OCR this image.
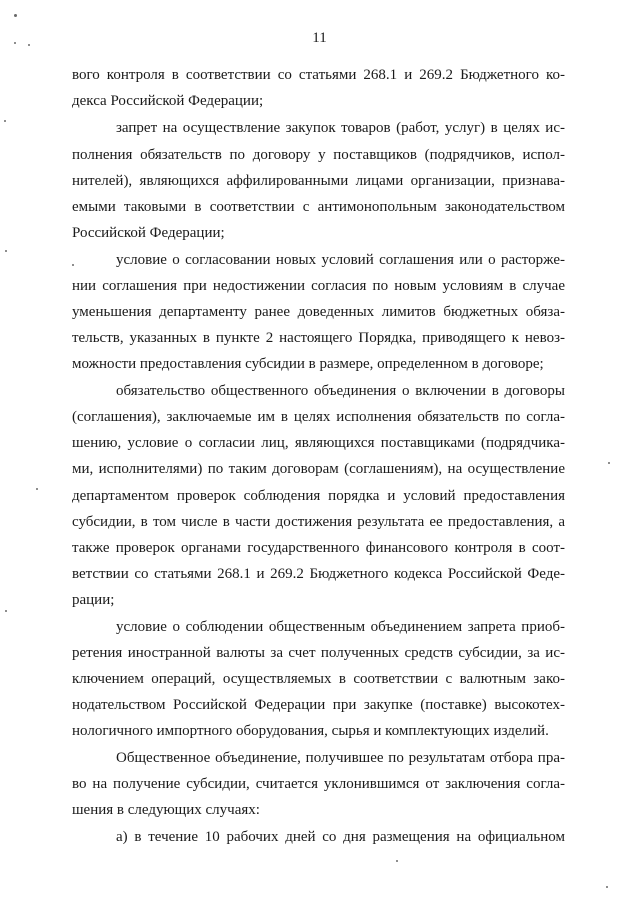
11
вого контроля в соответствии со статьями 268.1 и 269.2 Бюджетного ко-
декса Российской Федерации;
запрет на осуществление закупок товаров (работ, услуг) в целях ис-
полнения обязательств по договору у поставщиков (подрядчиков, испол-
нителей), являющихся аффилированными лицами организации, признава-
емыми таковыми в соответствии с антимонопольным законодательством
Российской Федерации;
условие о согласовании новых условий соглашения или о расторже-
нии соглашения при недостижении согласия по новым условиям в случае
уменьшения департаменту ранее доведенных лимитов бюджетных обяза-
тельств, указанных в пункте 2 настоящего Порядка, приводящего к невоз-
можности предоставления субсидии в размере, определенном в договоре;
обязательство общественного объединения о включении в договоры
(соглашения), заключаемые им в целях исполнения обязательств по согла-
шению, условие о согласии лиц, являющихся поставщиками (подрядчика-
ми, исполнителями) по таким договорам (соглашениям), на осуществление
департаментом проверок соблюдения порядка и условий предоставления
субсидии, в том числе в части достижения результата ее предоставления, а
также проверок органами государственного финансового контроля в соот-
ветствии со статьями 268.1 и 269.2 Бюджетного кодекса Российской Феде-
рации;
условие о соблюдении общественным объединением запрета приоб-
ретения иностранной валюты за счет полученных средств субсидии, за ис-
ключением операций, осуществляемых в соответствии с валютным зако-
нодательством Российской Федерации при закупке (поставке) высокотех-
нологичного импортного оборудования, сырья и комплектующих изделий.
Общественное объединение, получившее по результатам отбора пра-
во на получение субсидии, считается уклонившимся от заключения согла-
шения в следующих случаях:
а) в течение 10 рабочих дней со дня размещения на официальном
